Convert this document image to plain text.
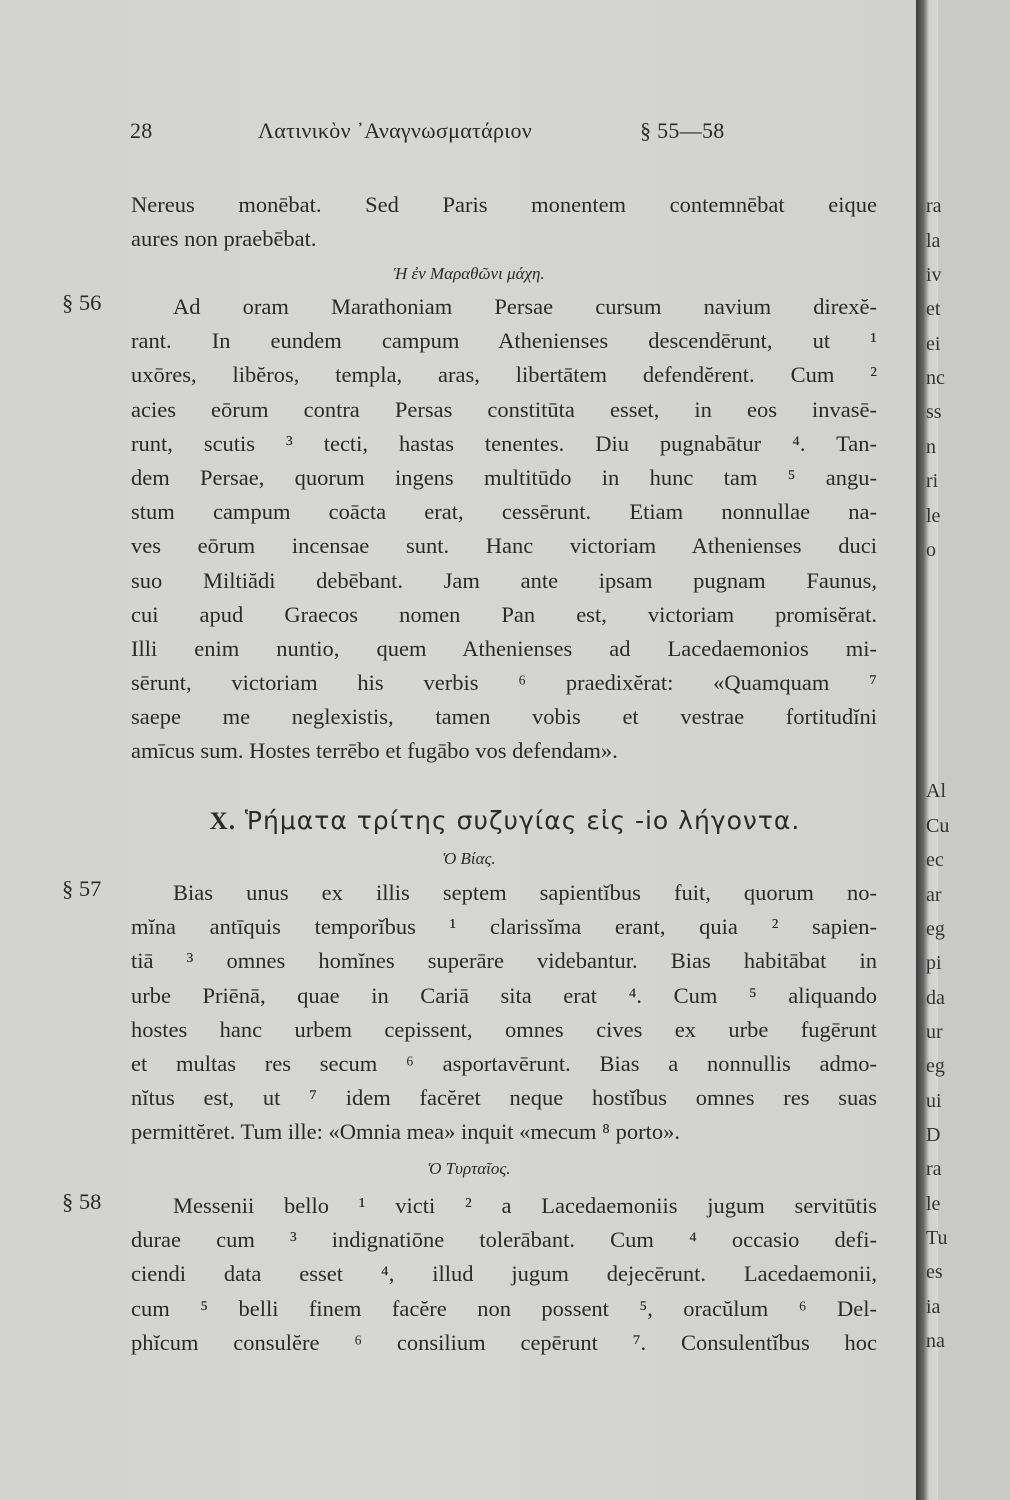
28	Λατινικὸν ᾿Αναγνωσματάριον	§ 55—58
Nereus monēbat. Sed Paris monentem contemnēbat eique
aures non praebēbat.
Ἡ ἐν Μαραθῶνι μάχη.
§ 56	Ad oram Marathoniam Persae cursum navium direxĕ-
rant. In eundem campum Athenienses descendērunt, ut ¹
uxōres, libĕros, templa, aras, libertātem defendĕrent. Cum ²
acies eōrum contra Persas constitūta esset, in eos invasē-
runt, scutis ³ tecti, hastas tenentes. Diu pugnabātur ⁴. Tan-
dem Persae, quorum ingens multitūdo in hunc tam ⁵ angu-
stum campum coācta erat, cessērunt. Etiam nonnullae na-
ves eōrum incensae sunt. Hanc victoriam Athenienses duci
suo Miltiădi debēbant. Jam ante ipsam pugnam Faunus,
cui apud Graecos nomen Pan est, victoriam promisĕrat.
Illi enim nuntio, quem Athenienses ad Lacedaemonios mi-
sērunt, victoriam his verbis ⁶ praedixĕrat: «Quamquam ⁷
saepe me neglexistis, tamen vobis et vestrae fortitudĭni
amīcus sum. Hostes terrēbo et fugābo vos defendam».
X. Ῥήματα τρίτης συζυγίας εἰς -io λήγοντα.
Ὁ Βίας.
§ 57	Bias unus ex illis septem sapientĭbus fuit, quorum no-
mĭna antīquis temporĭbus ¹ clarissĭma erant, quia ² sapien-
tiā ³ omnes homĭnes superāre videbantur. Bias habitābat in
urbe Priēnā, quae in Cariā sita erat ⁴. Cum ⁵ aliquando
hostes hanc urbem cepissent, omnes cives ex urbe fugērunt
et multas res secum ⁶ asportavērunt. Bias a nonnullis admo-
nĭtus est, ut ⁷ idem facĕret neque hostĭbus omnes res suas
permittĕret. Tum ille: «Omnia mea» inquit «mecum ⁸ porto».
Ὁ Τυρταῖος.
§ 58	Messenii bello ¹ victi ² a Lacedaemoniis jugum servitūtis
durae cum ³ indignatiōne tolerābant. Cum ⁴ occasio defi-
ciendi data esset ⁴, illud jugum dejecērunt. Lacedaemonii,
cum ⁵ belli finem facĕre non possent ⁵, oracŭlum ⁶ Del-
phĭcum consulĕre ⁶ consilium cepērunt ⁷. Consulentĭbus hoc
ra
la
iv
et
ei
nc
ss
n
ri
le
o
Al
Cu
ec
ar
eg
pi
da
ur
eg
ui
D
ra
le
Tu
es
ia
na
